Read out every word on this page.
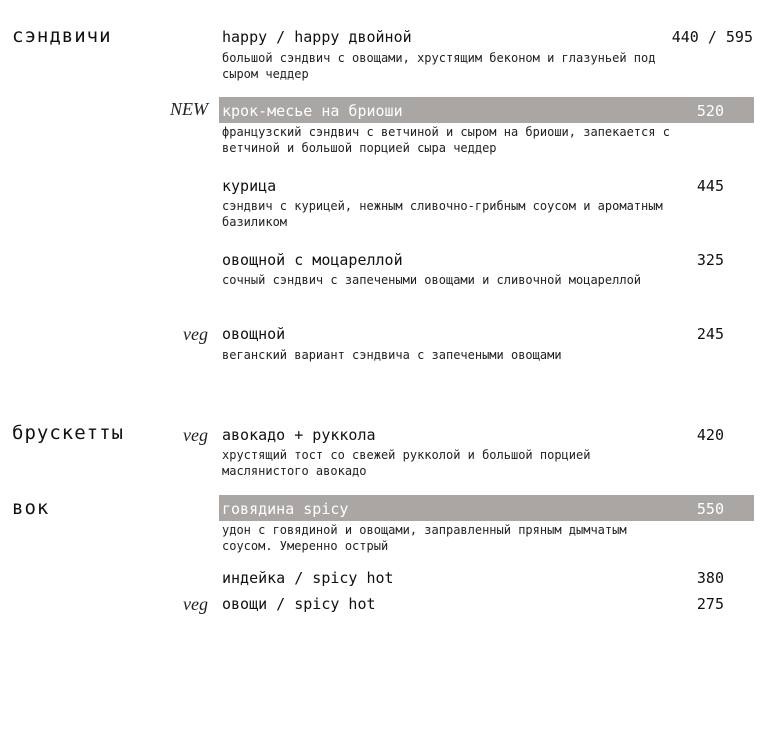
сэндвичи
брускетты
вок
happy / happy двойной	440 / 595
большой сэндвич с овощами, хрустящим беконом и глазуньей под сыром чеддер
NEW крок-месье на бриоши	520
французский сэндвич с ветчиной и сыром на бриоши, запекается с ветчиной и большой порцией сыра чеддер
курица	445
сэндвич с курицей, нежным сливочно-грибным соусом и ароматным базиликом
овощной с моцареллой	325
сочный сэндвич с запечеными овощами и сливочной моцареллой
veg овощной	245
веганский вариант сэндвича с запечеными овощами
veg авокадо + руккола	420
хрустящий тост со свежей рукколой и большой порцией маслянистого авокадо
говядина spicy	550
удон с говядиной и овощами, заправленный пряным дымчатым соусом. Умеренно острый
индейка / spicy hot	380
veg овощи / spicy hot	275
